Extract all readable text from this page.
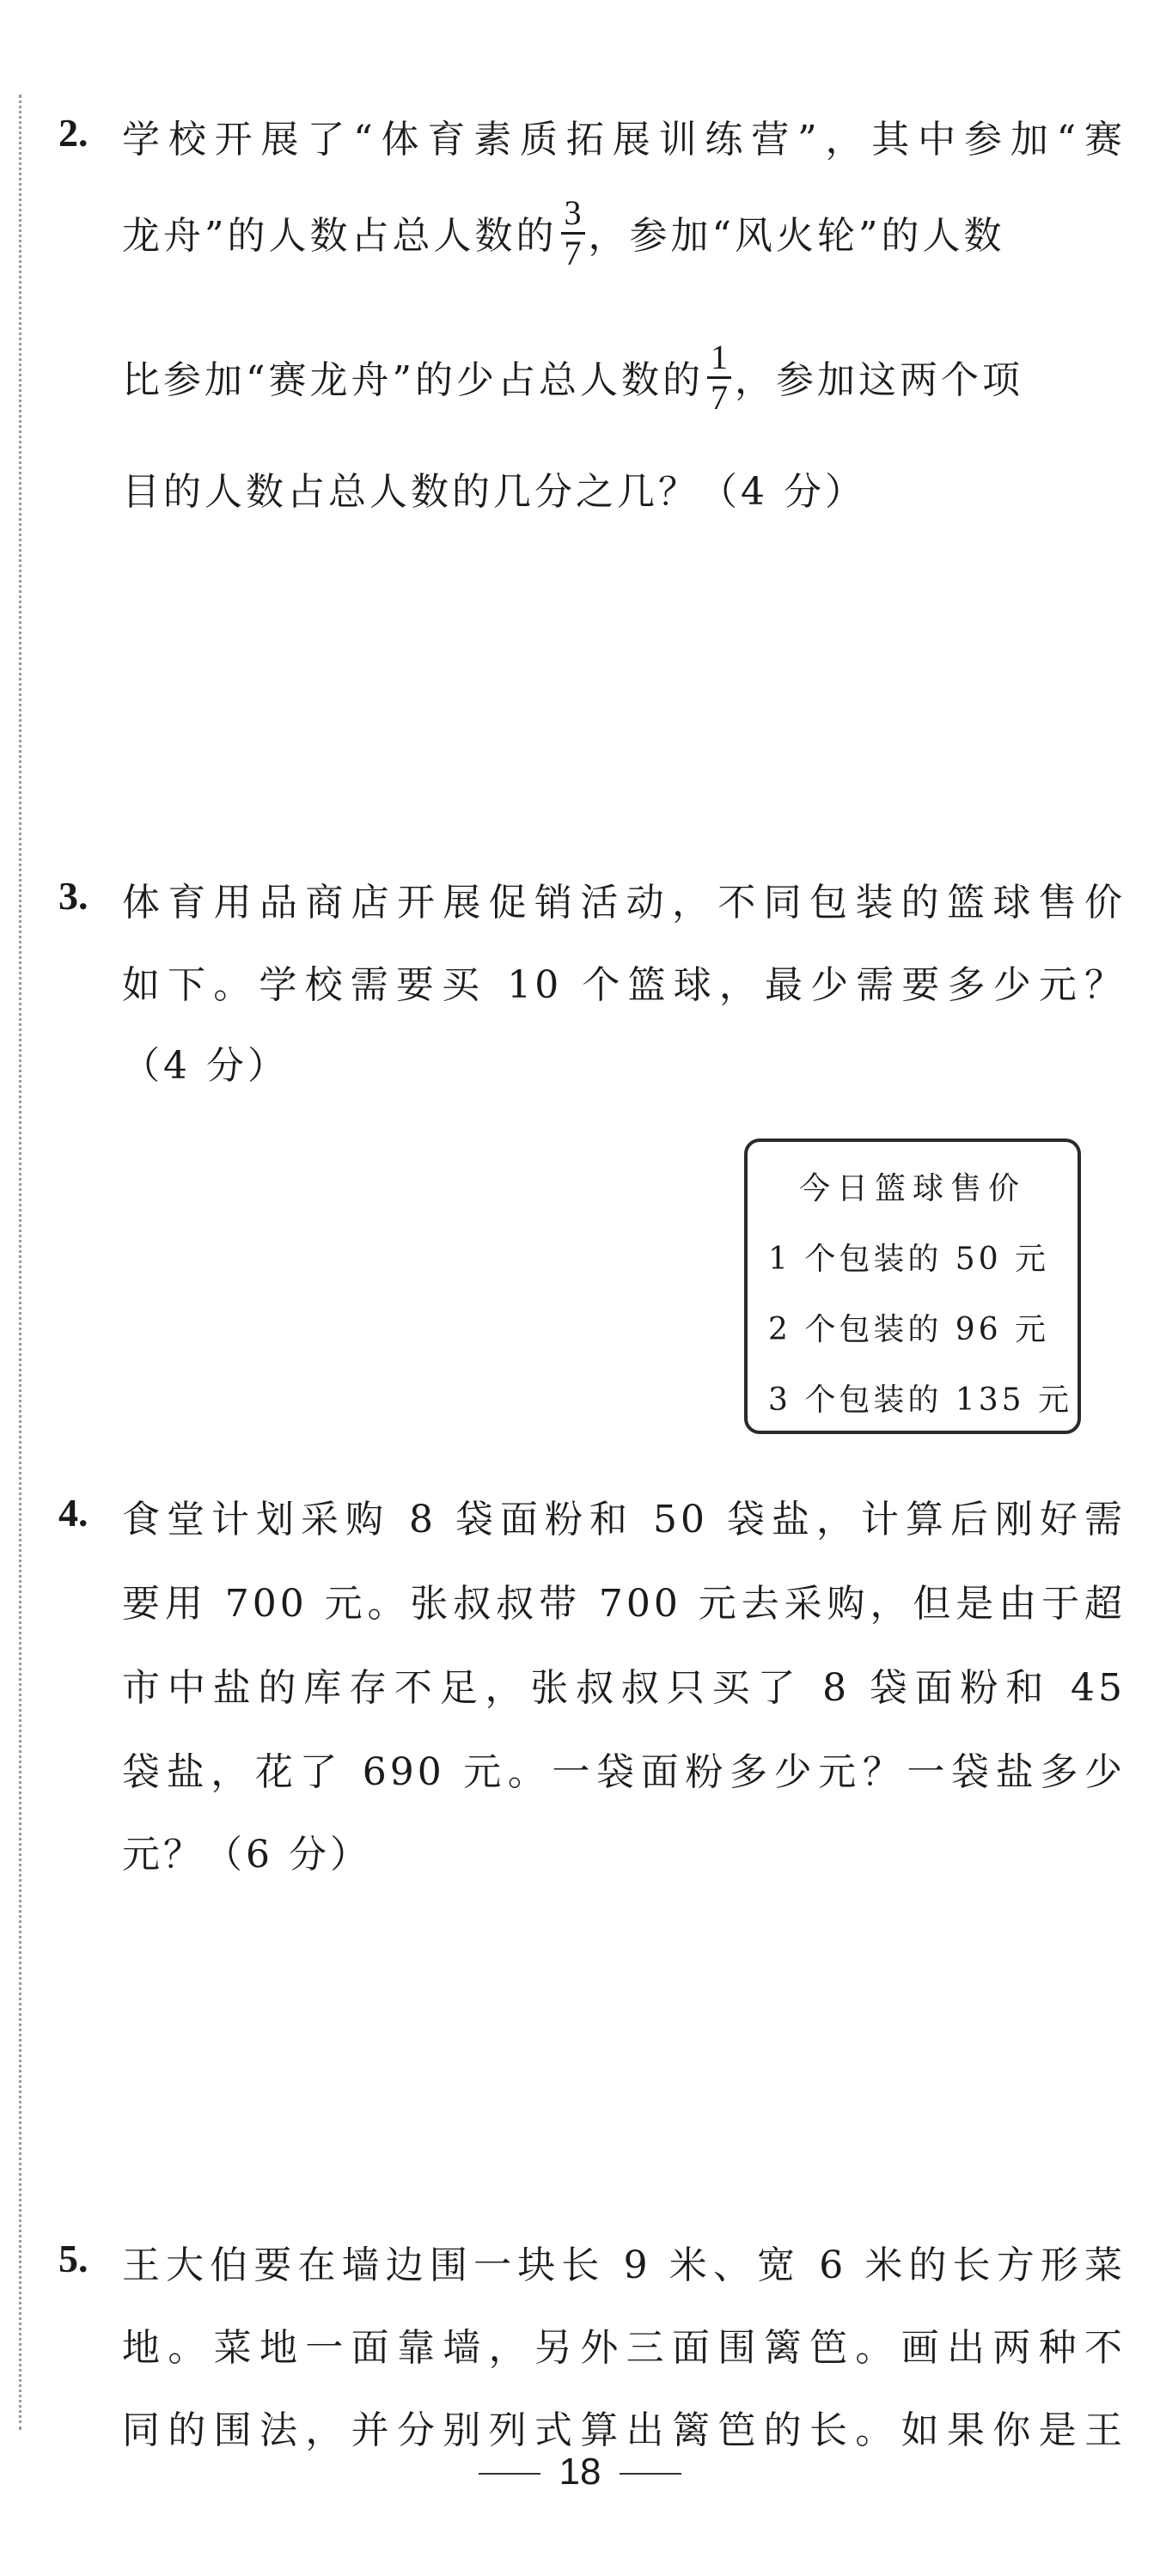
2. 学校开展了“体育素质拓展训练营”，其中参加“赛
龙舟”的人数占总人数的 $\frac{3}{7}$ ，参加“风火轮”的人数
比参加“赛龙舟”的少占总人数的 $\frac{1}{7}$ ，参加这两个项
目的人数占总人数的几分之几？（4 分）
3. 体育用品商店开展促销活动，不同包装的篮球售价
如下。学校需要买 10 个篮球，最少需要多少元？
（4 分）
今日篮球售价
1 个包装的 50 元
2 个包装的 96 元
3 个包装的 135 元
4. 食堂计划采购 8 袋面粉和 50 袋盐，计算后刚好需
要用 700 元。张叔叔带 700 元去采购，但是由于超
市中盐的库存不足，张叔叔只买了 8 袋面粉和 45
袋盐，花了 690 元。一袋面粉多少元？一袋盐多少
元？（6 分）
5. 王大伯要在墙边围一块长 9 米、宽 6 米的长方形菜
地。菜地一面靠墙，另外三面围篱笆。画出两种不
同的围法，并分别列式算出篱笆的长。如果你是王
18
